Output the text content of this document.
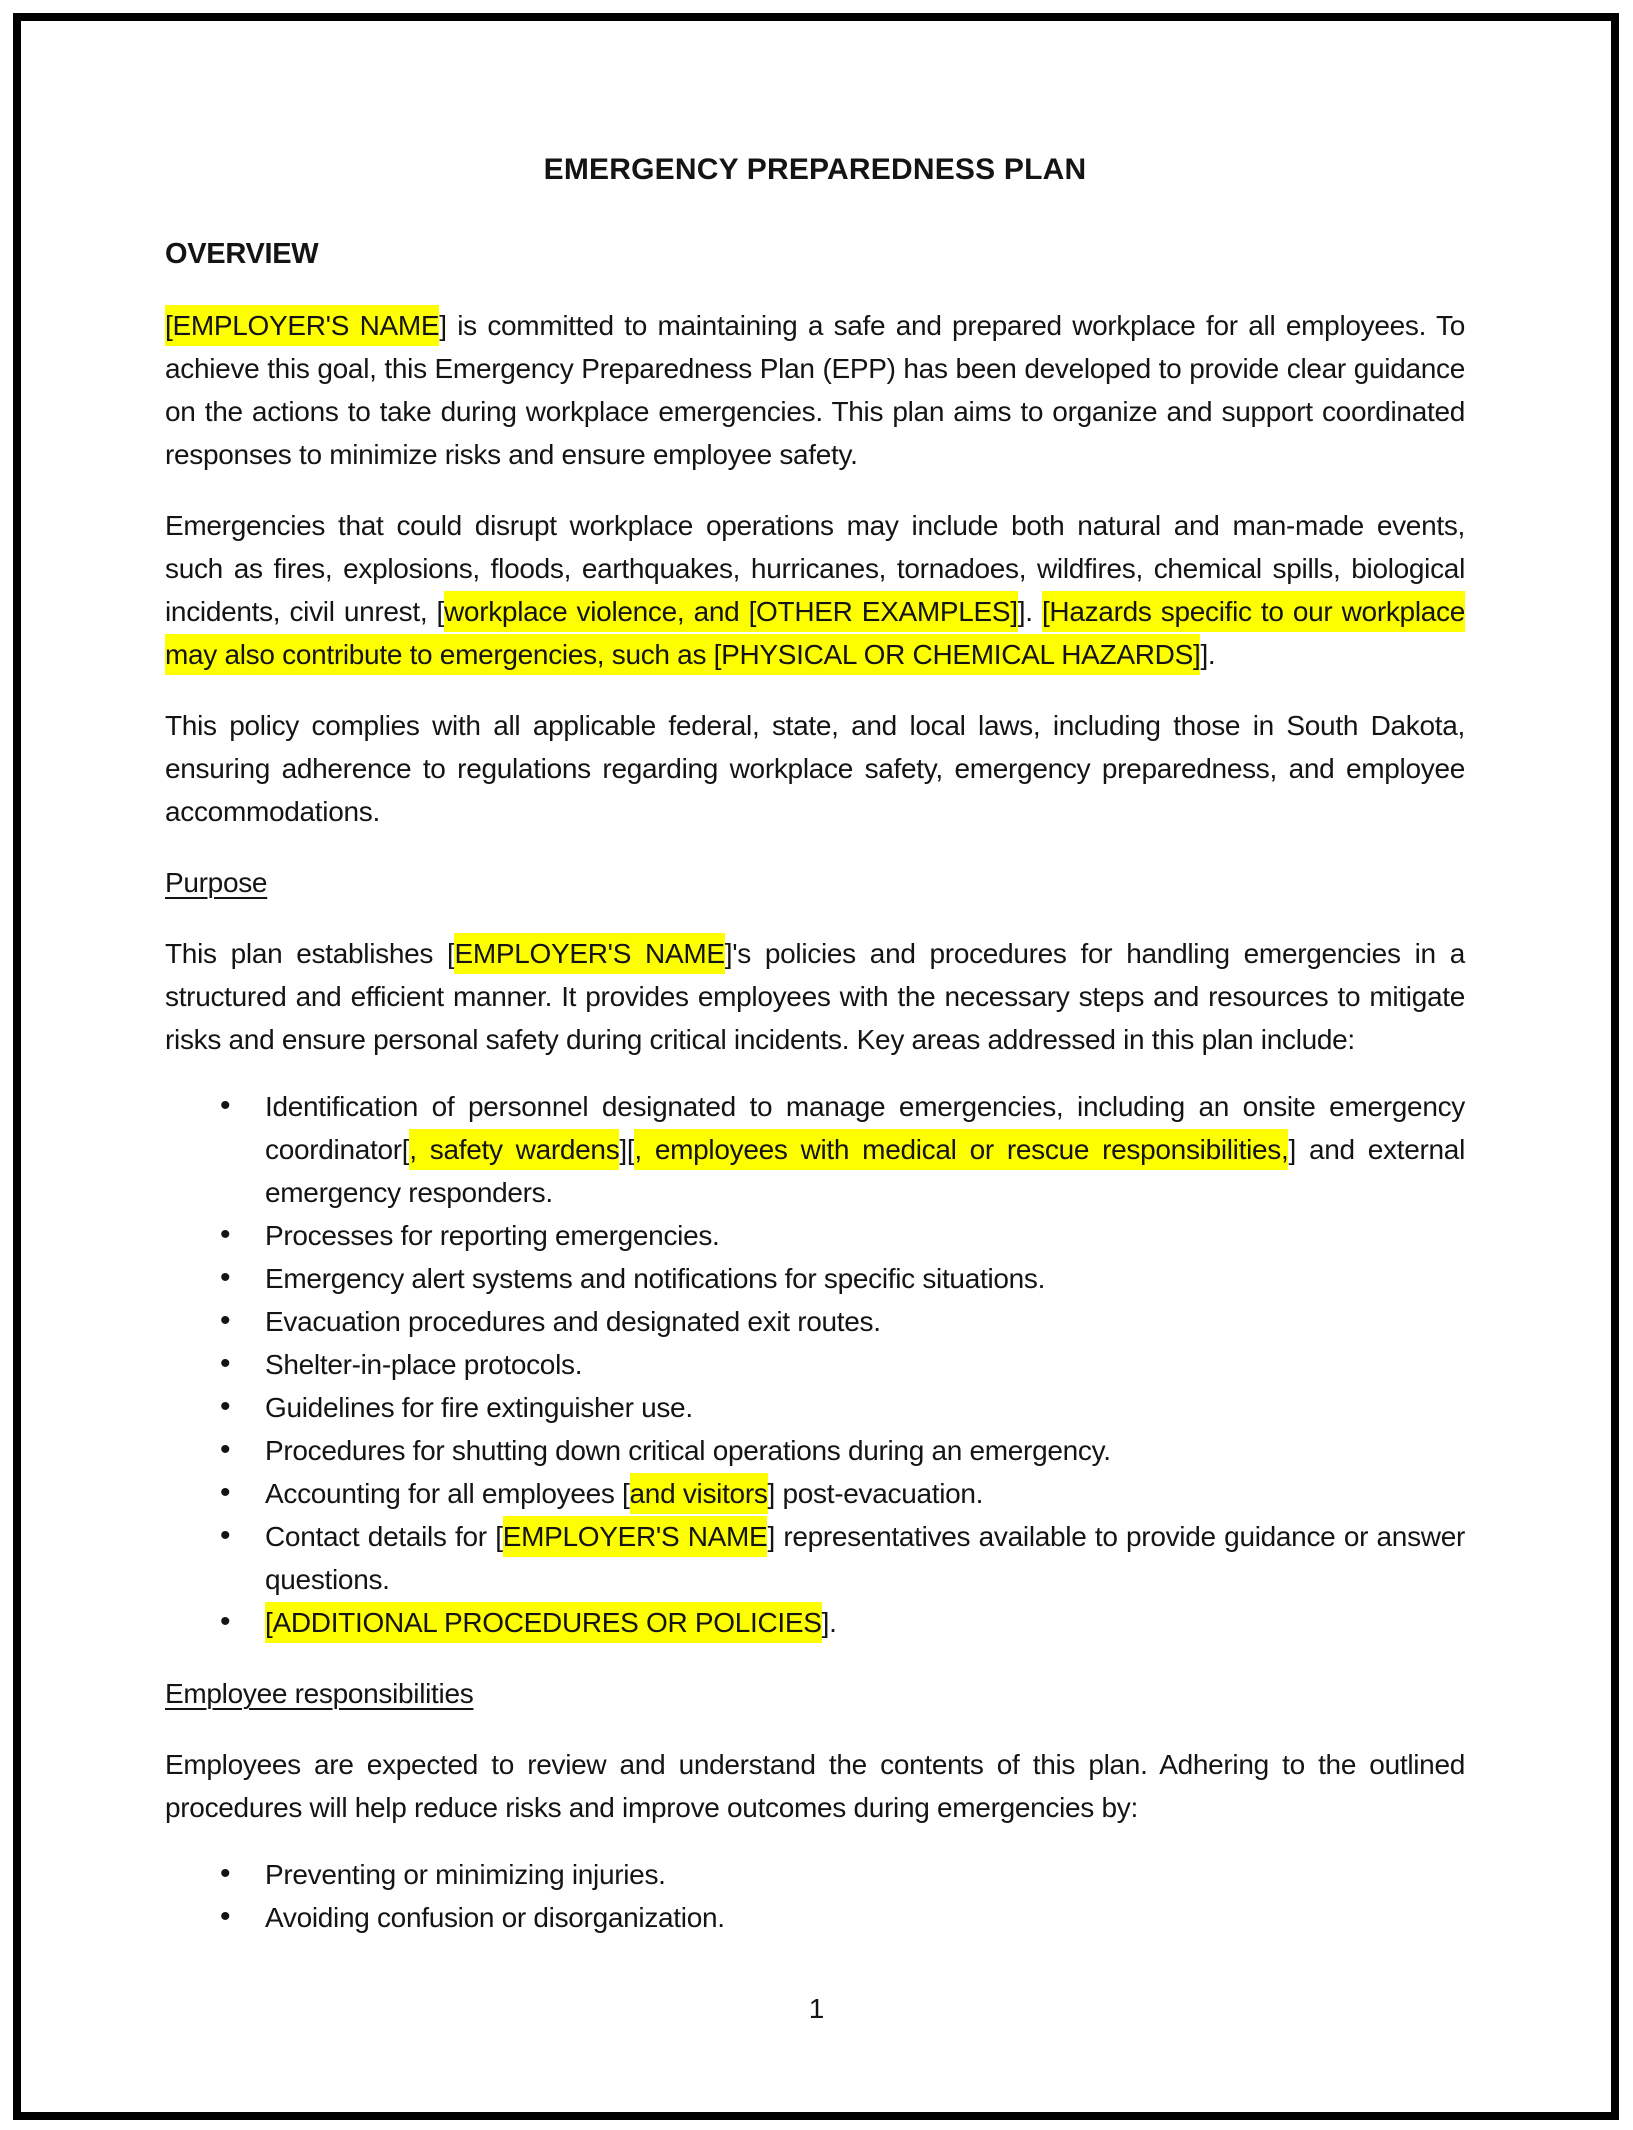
EMERGENCY PREPAREDNESS PLAN
OVERVIEW

[EMPLOYER'S NAME] is committed to maintaining a safe and prepared workplace for all employees. To achieve this goal, this Emergency Preparedness Plan (EPP) has been developed to provide clear guidance on the actions to take during workplace emergencies. This plan aims to organize and support coordinated responses to minimize risks and ensure employee safety.

Emergencies that could disrupt workplace operations may include both natural and man-made events, such as fires, explosions, floods, earthquakes, hurricanes, tornadoes, wildfires, chemical spills, biological incidents, civil unrest, [workplace violence, and [OTHER EXAMPLES]]. [Hazards specific to our workplace may also contribute to emergencies, such as [PHYSICAL OR CHEMICAL HAZARDS]].

This policy complies with all applicable federal, state, and local laws, including those in South Dakota, ensuring adherence to regulations regarding workplace safety, emergency preparedness, and employee accommodations.

Purpose

This plan establishes [EMPLOYER'S NAME]'s policies and procedures for handling emergencies in a structured and efficient manner. It provides employees with the necessary steps and resources to mitigate risks and ensure personal safety during critical incidents. Key areas addressed in this plan include:

• Identification of personnel designated to manage emergencies, including an onsite emergency coordinator[, safety wardens][, employees with medical or rescue responsibilities,] and external emergency responders.
• Processes for reporting emergencies.
• Emergency alert systems and notifications for specific situations.
• Evacuation procedures and designated exit routes.
• Shelter-in-place protocols.
• Guidelines for fire extinguisher use.
• Procedures for shutting down critical operations during an emergency.
• Accounting for all employees [and visitors] post-evacuation.
• Contact details for [EMPLOYER'S NAME] representatives available to provide guidance or answer questions.
• [ADDITIONAL PROCEDURES OR POLICIES].
Employee responsibilities

Employees are expected to review and understand the contents of this plan. Adhering to the outlined procedures will help reduce risks and improve outcomes during emergencies by:

• Preventing or minimizing injuries.
• Avoiding confusion or disorganization.
1
